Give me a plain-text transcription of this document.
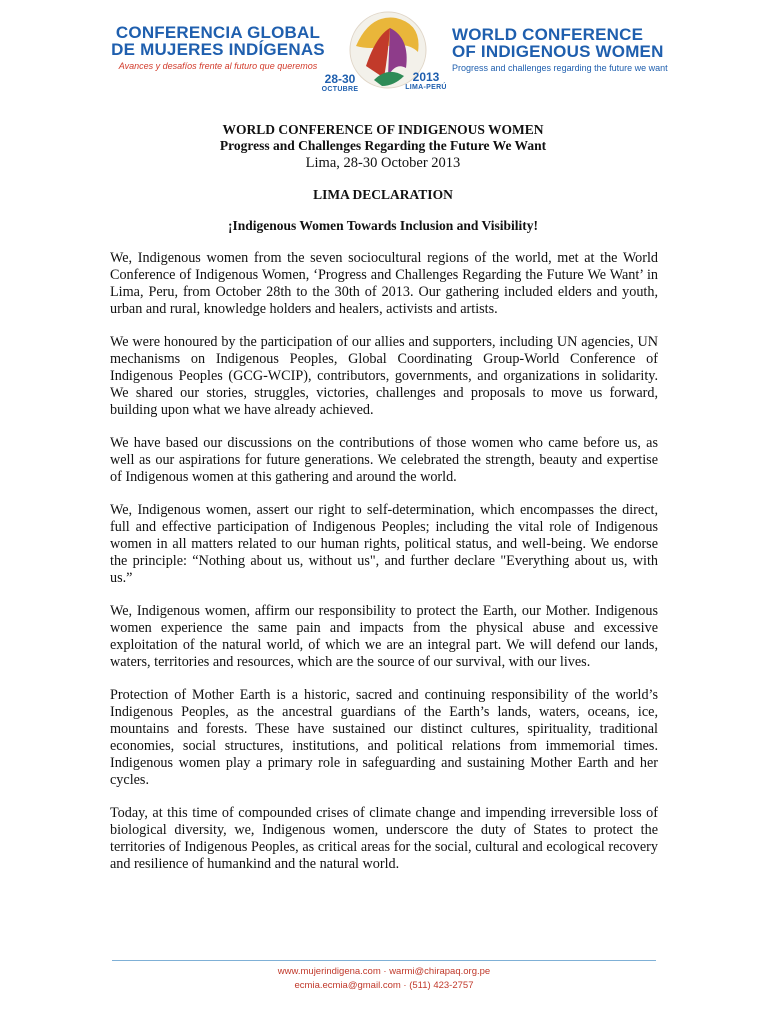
CONFERENCIA GLOBAL
DE MUJERES INDÍGENAS
Avances y desafíos frente al futuro que queremos
28-30
OCTUBRE
2013
LIMA-PERÚ
WORLD CONFERENCE
OF INDIGENOUS WOMEN
Progress and challenges regarding the future we want
WORLD CONFERENCE OF INDIGENOUS WOMEN
Progress and Challenges Regarding the Future We Want
Lima, 28-30 October 2013
LIMA DECLARATION
¡Indigenous Women Towards Inclusion and Visibility!

We, Indigenous women from the seven sociocultural regions of the world, met at the World Conference of Indigenous Women, ‘Progress and Challenges Regarding the Future We Want’ in Lima, Peru, from October 28th to the 30th of 2013. Our gathering included elders and youth, urban and rural, knowledge holders and healers, activists and artists.

We were honoured by the participation of our allies and supporters, including UN agencies, UN mechanisms on Indigenous Peoples, Global Coordinating Group-World Conference of Indigenous Peoples (GCG-WCIP), contributors, governments, and organizations in solidarity. We shared our stories, struggles, victories, challenges and proposals to move us forward, building upon what we have already achieved.

We have based our discussions on the contributions of those women who came before us, as well as our aspirations for future generations. We celebrated the strength, beauty and expertise of Indigenous women at this gathering and around the world.

We, Indigenous women, assert our right to self-determination, which encompasses the direct, full and effective participation of Indigenous Peoples; including the vital role of Indigenous women in all matters related to our human rights, political status, and well-being. We endorse the principle: “Nothing about us, without us", and further declare "Everything about us, with us.”

We, Indigenous women, affirm our responsibility to protect the Earth, our Mother. Indigenous women experience the same pain and impacts from the physical abuse and excessive exploitation of the natural world, of which we are an integral part. We will defend our lands, waters, territories and resources, which are the source of our survival, with our lives.

Protection of Mother Earth is a historic, sacred and continuing responsibility of the world’s Indigenous Peoples, as the ancestral guardians of the Earth’s lands, waters, oceans, ice, mountains and forests. These have sustained our distinct cultures, spirituality, traditional economies, social structures, institutions, and political relations from immemorial times. Indigenous women play a primary role in safeguarding and sustaining Mother Earth and her cycles.

Today, at this time of compounded crises of climate change and impending irreversible loss of biological diversity, we, Indigenous women, underscore the duty of States to protect the territories of Indigenous Peoples, as critical areas for the social, cultural and ecological recovery and resilience of humankind and the natural world.

www.mujerindigena.com · warmi@chirapaq.org.pe
ecmia.ecmia@gmail.com · (511) 423-2757
